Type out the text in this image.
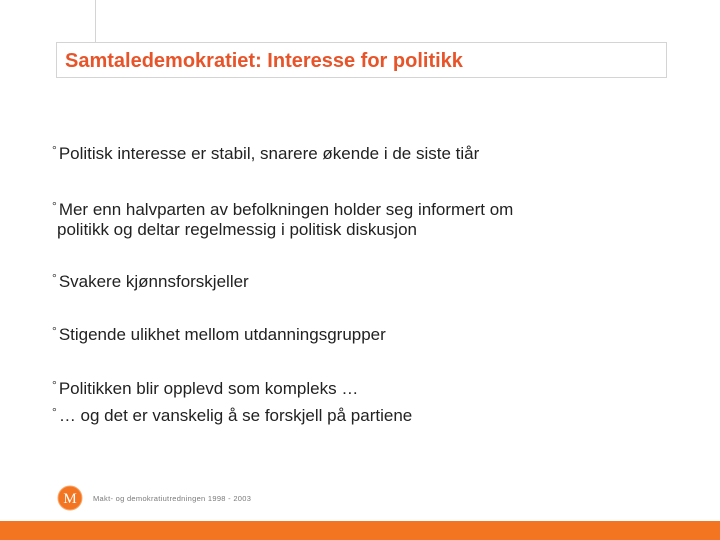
Samtaledemokratiet: Interesse for politikk
° Politisk interesse er stabil, snarere økende i de siste tiår
° Mer enn halvparten av befolkningen holder seg informert om
politikk og deltar regelmessig i politisk diskusjon
° Svakere kjønnsforskjeller
° Stigende ulikhet mellom utdanningsgrupper
° Politikken blir opplevd som kompleks …
° … og det er vanskelig å se forskjell på partiene
M Makt- og demokratiutredningen 1998 - 2003
